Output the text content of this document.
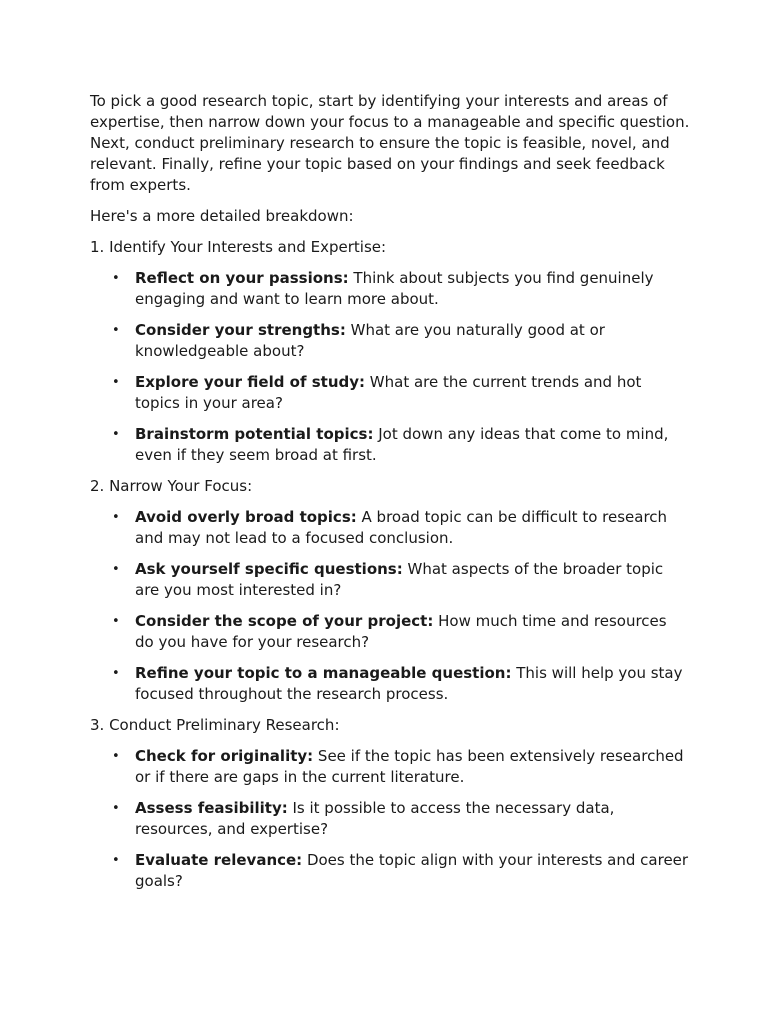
To pick a good research topic, start by identifying your interests and areas of expertise, then narrow down your focus to a manageable and specific question. Next, conduct preliminary research to ensure the topic is feasible, novel, and relevant. Finally, refine your topic based on your findings and seek feedback from experts.

Here's a more detailed breakdown:

1. Identify Your Interests and Expertise:

• Reflect on your passions: Think about subjects you find genuinely engaging and want to learn more about.
• Consider your strengths: What are you naturally good at or knowledgeable about?
• Explore your field of study: What are the current trends and hot topics in your area?
• Brainstorm potential topics: Jot down any ideas that come to mind, even if they seem broad at first.

2. Narrow Your Focus:

• Avoid overly broad topics: A broad topic can be difficult to research and may not lead to a focused conclusion.
• Ask yourself specific questions: What aspects of the broader topic are you most interested in?
• Consider the scope of your project: How much time and resources do you have for your research?
• Refine your topic to a manageable question: This will help you stay focused throughout the research process.

3. Conduct Preliminary Research:

• Check for originality: See if the topic has been extensively researched or if there are gaps in the current literature.
• Assess feasibility: Is it possible to access the necessary data, resources, and expertise?
• Evaluate relevance: Does the topic align with your interests and career goals?
